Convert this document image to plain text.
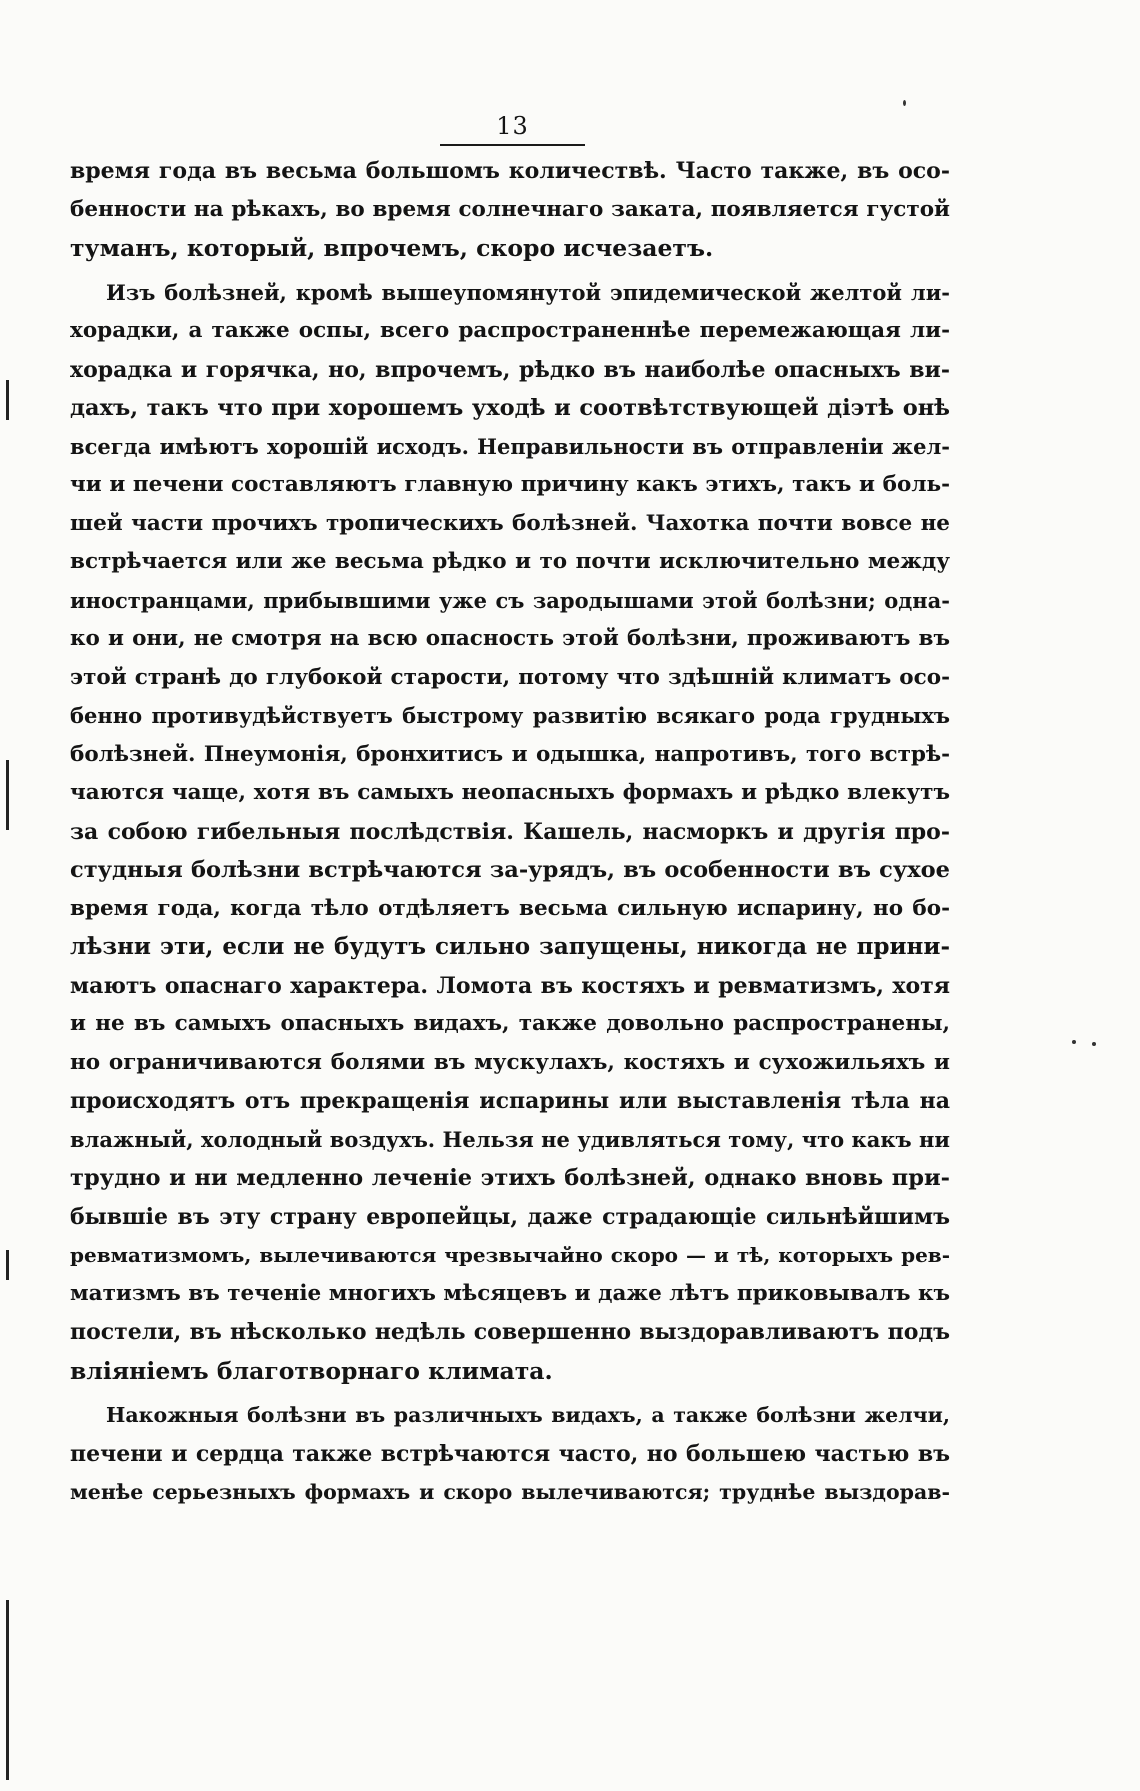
13
время года въ весьма большомъ количествѣ. Часто также, въ осо-
бенности на рѣкахъ, во время солнечнаго заката, появляется густой
туманъ, который, впрочемъ, скоро исчезаетъ.
Изъ болѣзней, кромѣ вышеупомянутой эпидемической желтой ли-
хорадки, а также оспы, всего распространеннѣе перемежающая ли-
хорадка и горячка, но, впрочемъ, рѣдко въ наиболѣе опасныхъ ви-
дахъ, такъ что при хорошемъ уходѣ и соотвѣтствующей дiэтѣ онѣ
всегда имѣютъ хорошiй исходъ. Неправильности въ отправленiи жел-
чи и печени составляютъ главную причину какъ этихъ, такъ и боль-
шей части прочихъ тропическихъ болѣзней. Чахотка почти вовсе не
встрѣчается или же весьма рѣдко и то почти исключительно между
иностранцами, прибывшими уже съ зародышами этой болѣзни; одна-
ко и они, не смотря на всю опасность этой болѣзни, проживаютъ въ
этой странѣ до глубокой старости, потому что здѣшнiй климатъ осо-
бенно противудѣйствуетъ быстрому развитiю всякаго рода грудныхъ
болѣзней. Пнеумонiя, бронхитисъ и одышка, напротивъ, того встрѣ-
чаются чаще, хотя въ самыхъ неопасныхъ формахъ и рѣдко влекутъ
за собою гибельныя послѣдствiя. Кашель, насморкъ и другiя про-
студныя болѣзни встрѣчаются за-урядъ, въ особенности въ сухое
время года, когда тѣло отдѣляетъ весьма сильную испарину, но бо-
лѣзни эти, если не будутъ сильно запущены, никогда не прини-
маютъ опаснаго характера. Ломота въ костяхъ и ревматизмъ, хотя
и не въ самыхъ опасныхъ видахъ, также довольно распространены,
но ограничиваются болями въ мускулахъ, костяхъ и сухожильяхъ и
происходятъ отъ прекращенiя испарины или выставленiя тѣла на
влажный, холодный воздухъ. Нельзя не удивляться тому, что какъ ни
трудно и ни медленно леченiе этихъ болѣзней, однако вновь при-
бывшiе въ эту страну европейцы, даже страдающiе сильнѣйшимъ
ревматизмомъ, вылечиваются чрезвычайно скоро — и тѣ, которыхъ рев-
матизмъ въ теченiе многихъ мѣсяцевъ и даже лѣтъ приковывалъ къ
постели, въ нѣсколько недѣль совершенно выздоравливаютъ подъ
влiянiемъ благотворнаго климата.
Накожныя болѣзни въ различныхъ видахъ, а также болѣзни желчи,
печени и сердца также встрѣчаются часто, но большею частью въ
менѣе серьезныхъ формахъ и скоро вылечиваются; труднѣе выздорав-
